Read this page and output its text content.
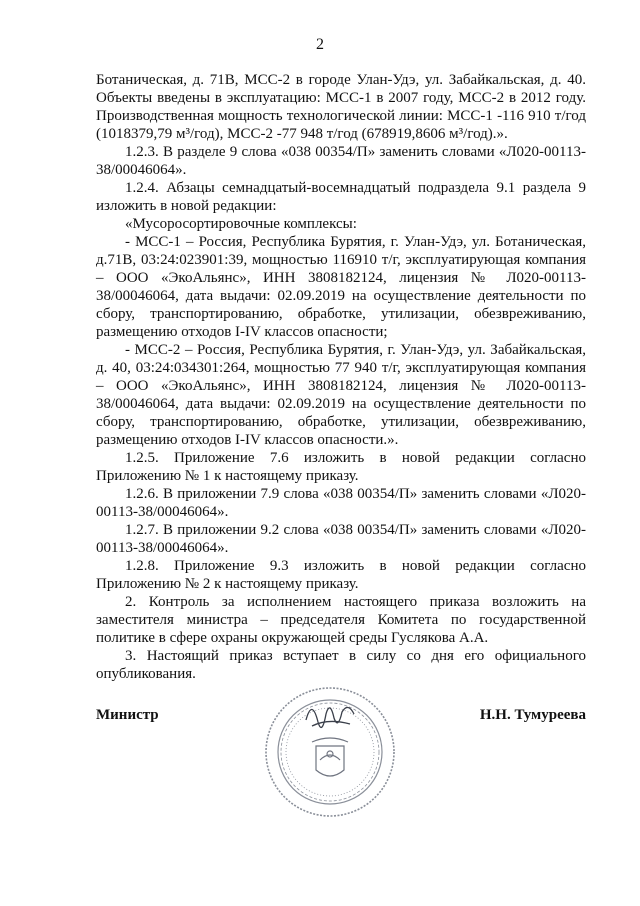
2

Ботаническая, д. 71В, МСС-2 в городе Улан-Удэ, ул. Забайкальская, д. 40. Объекты введены в эксплуатацию: МСС-1 в 2007 году, МСС-2 в 2012 году. Производственная мощность технологической линии: МСС-1 -116 910 т/год (1018379,79 м³/год), МСС-2 -77 948 т/год (678919,8606 м³/год).».

1.2.3. В разделе 9 слова «038 00354/П» заменить словами «Л020-00113-38/00046064».

1.2.4. Абзацы семнадцатый-восемнадцатый подраздела 9.1 раздела 9 изложить в новой редакции:

«Мусоросортировочные комплексы:

- МСС-1 – Россия, Республика Бурятия, г. Улан-Удэ, ул. Ботаническая, д.71В, 03:24:023901:39, мощностью 116910 т/г, эксплуатирующая компания – ООО «ЭкоАльянс», ИНН 3808182124, лицензия № Л020-00113-38/00046064, дата выдачи: 02.09.2019 на осуществление деятельности по сбору, транспортированию, обработке, утилизации, обезвреживанию, размещению отходов I-IV классов опасности;

- МСС-2 – Россия, Республика Бурятия, г. Улан-Удэ, ул. Забайкальская, д. 40, 03:24:034301:264, мощностью 77 940 т/г, эксплуатирующая компания – ООО «ЭкоАльянс», ИНН 3808182124, лицензия № Л020-00113-38/00046064, дата выдачи: 02.09.2019 на осуществление деятельности по сбору, транспортированию, обработке, утилизации, обезвреживанию, размещению отходов I-IV классов опасности.».

1.2.5. Приложение 7.6 изложить в новой редакции согласно Приложению № 1 к настоящему приказу.

1.2.6. В приложении 7.9 слова «038 00354/П» заменить словами «Л020-00113-38/00046064».

1.2.7. В приложении 9.2 слова «038 00354/П» заменить словами «Л020-00113-38/00046064».

1.2.8. Приложение 9.3 изложить в новой редакции согласно Приложению № 2 к настоящему приказу.

2. Контроль за исполнением настоящего приказа возложить на заместителя министра – председателя Комитета по государственной политике в сфере охраны окружающей среды Гуслякова А.А.

3. Настоящий приказ вступает в силу со дня его официального опубликования.

Министр	Н.Н. Тумуреева
